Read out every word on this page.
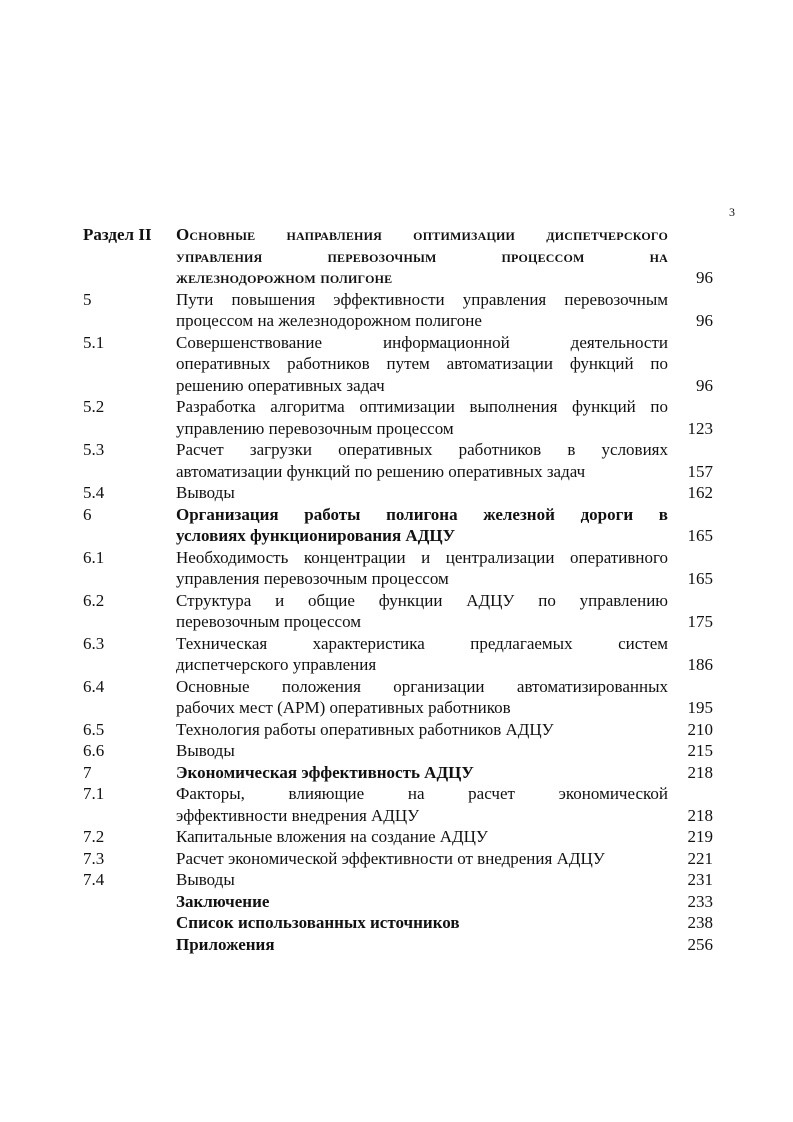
3
Раздел II Основные направления оптимизации диспетчерского
управления перевозочным процессом на
железнодорожном полигоне	96
5	Пути повышения эффективности управления перевозочным
процессом на железнодорожном полигоне	96
5.1	Совершенствование информационной деятельности
оперативных работников путем автоматизации функций по
решению оперативных задач	96
5.2	Разработка алгоритма оптимизации выполнения функций по
управлению перевозочным процессом	123
5.3	Расчет загрузки оперативных работников в условиях
автоматизации функций по решению оперативных задач	157
5.4	Выводы	162
6	Организация работы полигона железной дороги в
условиях функционирования АДЦУ	165
6.1	Необходимость концентрации и централизации оперативного
управления перевозочным процессом	165
6.2	Структура и общие функции АДЦУ по управлению
перевозочным процессом	175
6.3	Техническая характеристика предлагаемых систем
диспетчерского управления	186
6.4	Основные положения организации автоматизированных
рабочих мест (АРМ) оперативных работников	195
6.5	Технология работы оперативных работников АДЦУ	210
6.6	Выводы	215
7	Экономическая эффективность АДЦУ	218
7.1	Факторы, влияющие на расчет экономической
эффективности внедрения АДЦУ	218
7.2	Капитальные вложения на создание АДЦУ	219
7.3	Расчет экономической эффективности от внедрения АДЦУ	221
7.4	Выводы	231
Заключение	233
Список использованных источников	238
Приложения	256
